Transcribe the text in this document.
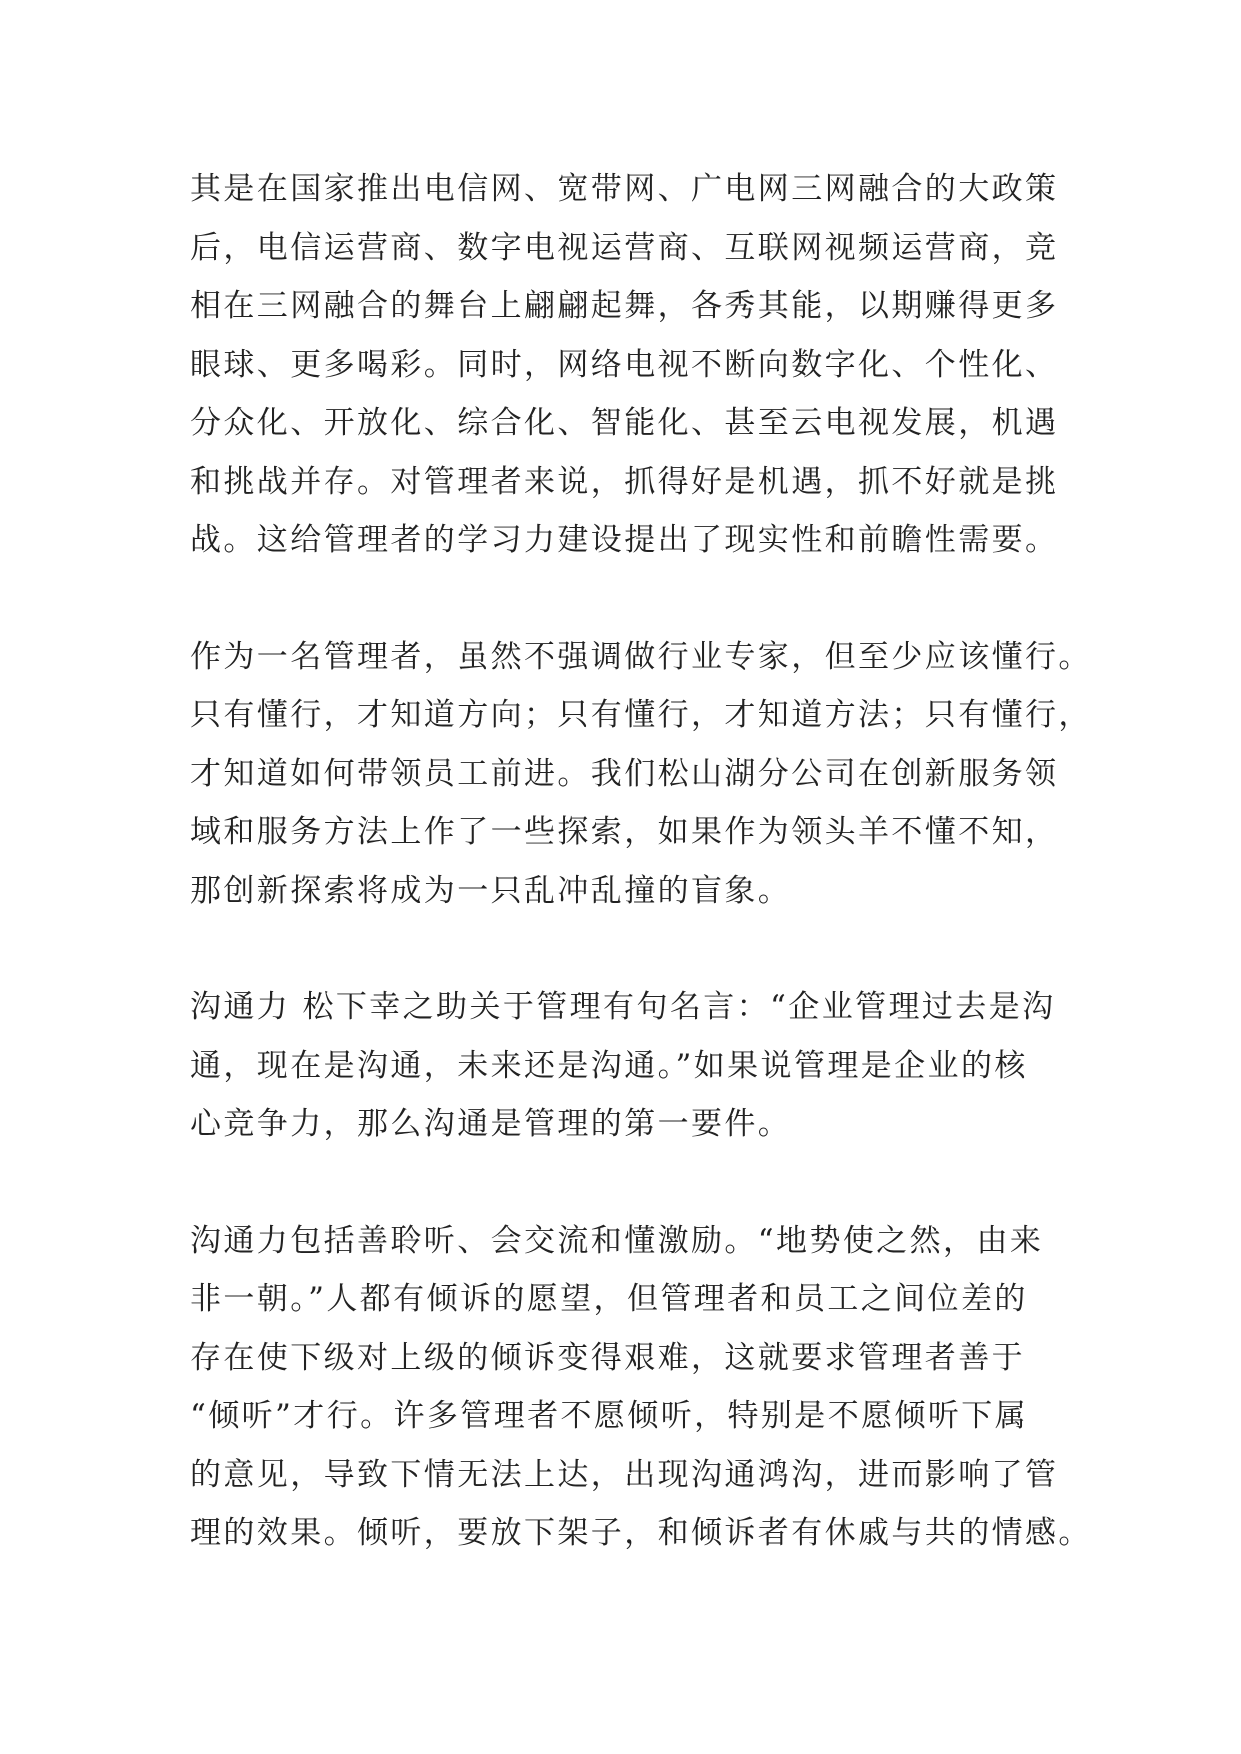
其是在国家推出电信网、宽带网、广电网三网融合的大政策
后，电信运营商、数字电视运营商、互联网视频运营商，竞
相在三网融合的舞台上翩翩起舞，各秀其能，以期赚得更多
眼球、更多喝彩。同时，网络电视不断向数字化、个性化、
分众化、开放化、综合化、智能化、甚至云电视发展，机遇
和挑战并存。对管理者来说，抓得好是机遇，抓不好就是挑
战。这给管理者的学习力建设提出了现实性和前瞻性需要。

作为一名管理者，虽然不强调做行业专家，但至少应该懂行。
只有懂行，才知道方向；只有懂行，才知道方法；只有懂行，
才知道如何带领员工前进。我们松山湖分公司在创新服务领
域和服务方法上作了一些探索，如果作为领头羊不懂不知，
那创新探索将成为一只乱冲乱撞的盲象。

沟通力 松下幸之助关于管理有句名言：“企业管理过去是沟
通，现在是沟通，未来还是沟通。”如果说管理是企业的核
心竞争力，那么沟通是管理的第一要件。

沟通力包括善聆听、会交流和懂激励。“地势使之然，由来
非一朝。”人都有倾诉的愿望，但管理者和员工之间位差的
存在使下级对上级的倾诉变得艰难，这就要求管理者善于
“倾听”才行。许多管理者不愿倾听，特别是不愿倾听下属
的意见，导致下情无法上达，出现沟通鸿沟，进而影响了管
理的效果。倾听，要放下架子，和倾诉者有休戚与共的情感。
